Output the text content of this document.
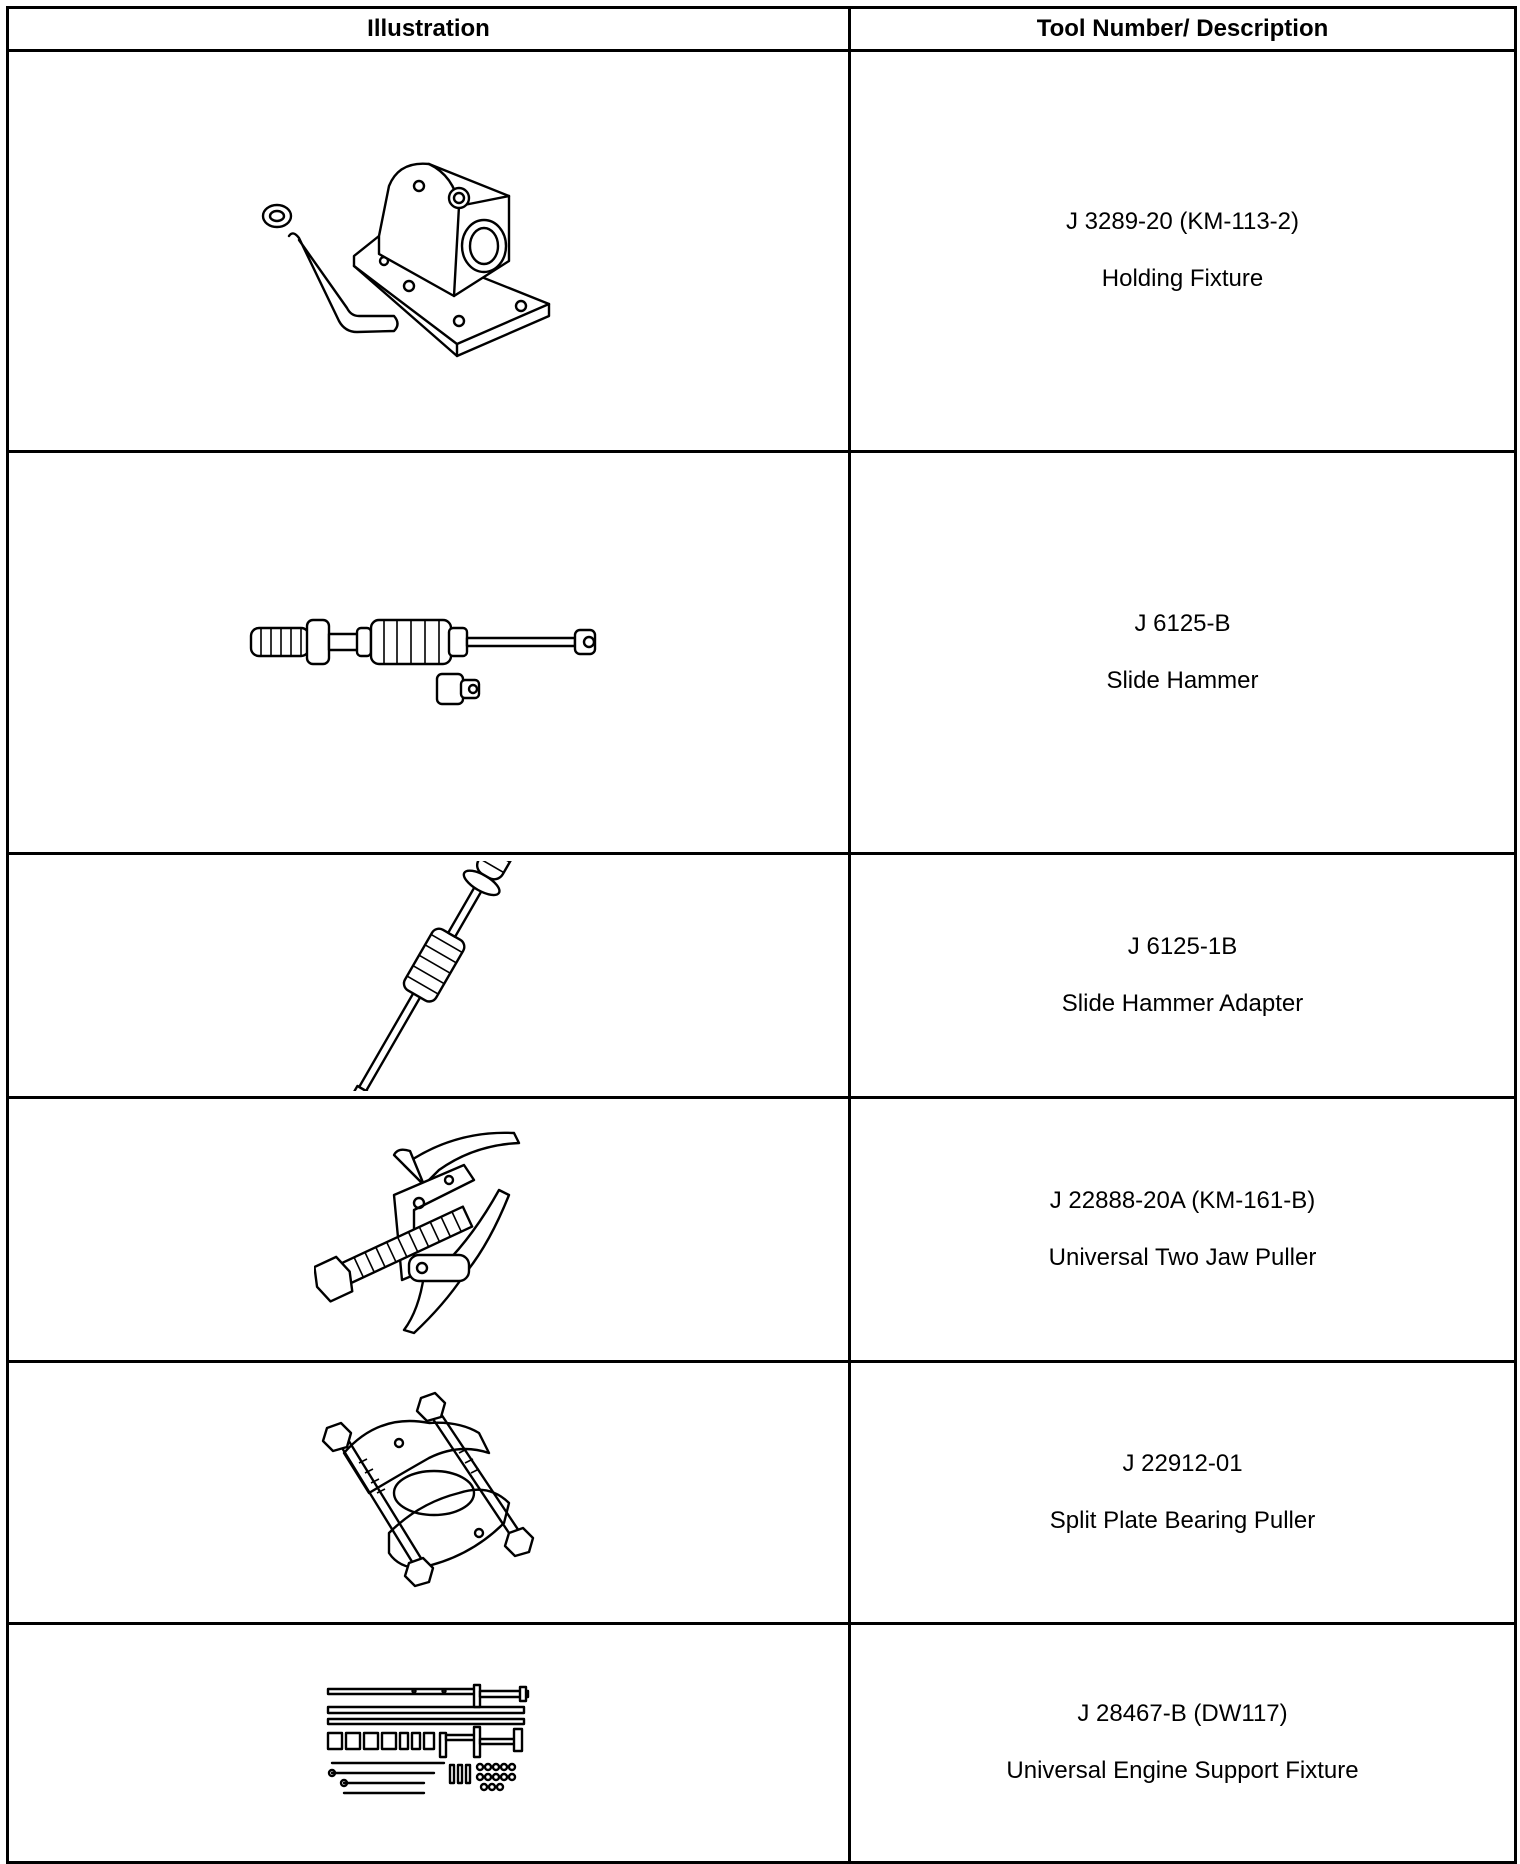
Illustration	Tool Number/ Description

J 3289-20 (KM-113-2)
Holding Fixture

J 6125-B
Slide Hammer

J 6125-1B
Slide Hammer Adapter

J 22888-20A (KM-161-B)
Universal Two Jaw Puller

J 22912-01
Split Plate Bearing Puller

J 28467-B (DW117)
Universal Engine Support Fixture
